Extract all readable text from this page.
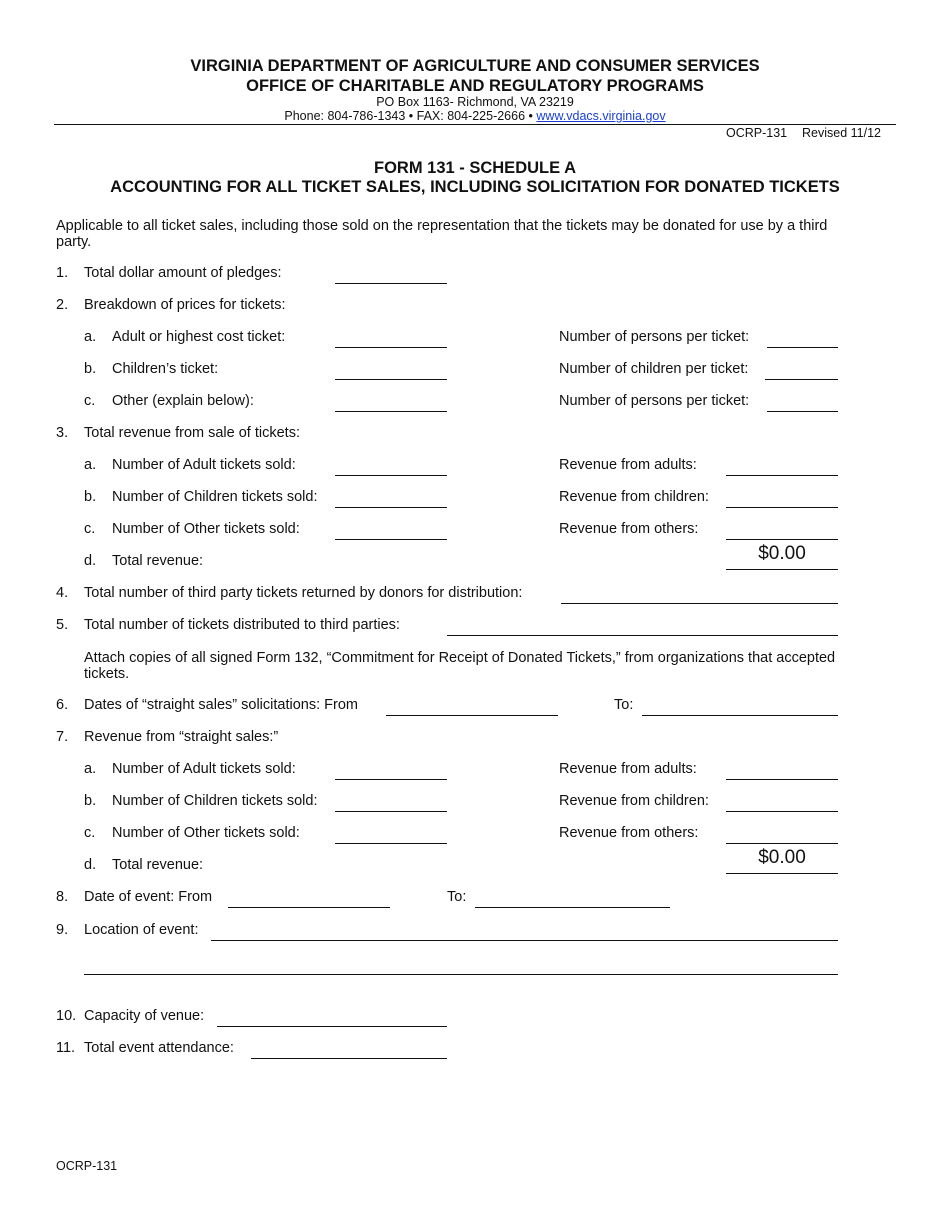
VIRGINIA DEPARTMENT OF AGRICULTURE AND CONSUMER SERVICES
OFFICE OF CHARITABLE AND REGULATORY PROGRAMS
PO Box 1163- Richmond, VA 23219
Phone: 804-786-1343 • FAX: 804-225-2666 • www.vdacs.virginia.gov
OCRP-131 Revised 11/12
FORM 131 - SCHEDULE A
ACCOUNTING FOR ALL TICKET SALES, INCLUDING SOLICITATION FOR DONATED TICKETS
Applicable to all ticket sales, including those sold on the representation that the tickets may be donated for use by a third
party.
1. Total dollar amount of pledges:
2. Breakdown of prices for tickets:
a. Adult or highest cost ticket:	Number of persons per ticket:
b. Children’s ticket:	Number of children per ticket:
c. Other (explain below):	Number of persons per ticket:
3. Total revenue from sale of tickets:
a. Number of Adult tickets sold:	Revenue from adults:
b. Number of Children tickets sold:	Revenue from children:
c. Number of Other tickets sold:	Revenue from others:
d. Total revenue:	$0.00
4. Total number of third party tickets returned by donors for distribution:
5. Total number of tickets distributed to third parties:
Attach copies of all signed Form 132, “Commitment for Receipt of Donated Tickets,” from organizations that accepted
tickets.
6. Dates of “straight sales” solicitations: From	To:
7. Revenue from “straight sales:”
a. Number of Adult tickets sold:	Revenue from adults:
b. Number of Children tickets sold:	Revenue from children:
c. Number of Other tickets sold:	Revenue from others:
d. Total revenue:	$0.00
8. Date of event: From	To:
9. Location of event:
10. Capacity of venue:
11. Total event attendance:
OCRP-131
